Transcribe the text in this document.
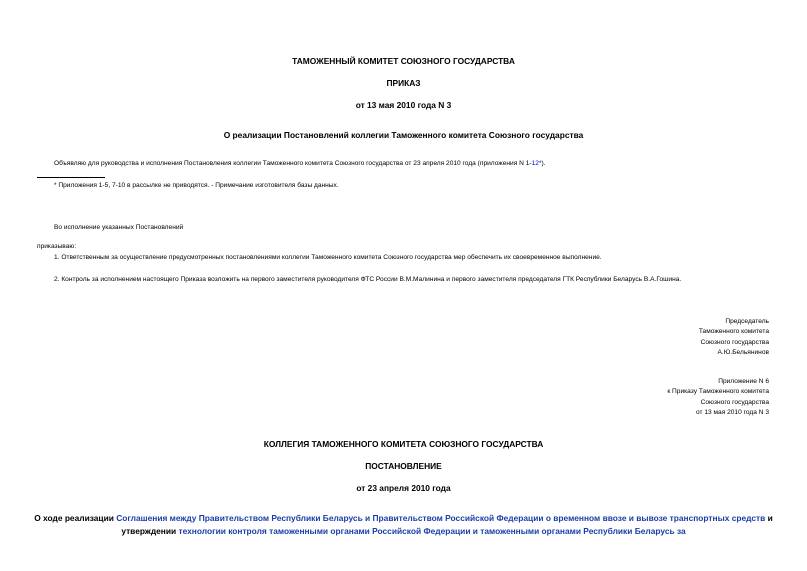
ТАМОЖЕННЫЙ КОМИТЕТ СОЮЗНОГО ГОСУДАРСТВА
ПРИКАЗ
от 13 мая 2010 года N 3
О реализации Постановлений коллегии Таможенного комитета Союзного государства
Объявляю для руководства и исполнения Постановления коллегии Таможенного комитета Союзного государства от 23 апреля 2010 года (приложения N 1-12*).
* Приложения 1-5, 7-10 в рассылке не приводятся. - Примечание изготовителя базы данных.
Во исполнение указанных Постановлений
приказываю:
1. Ответственным за осуществление предусмотренных постановлениями коллегии Таможенного комитета Союзного государства мер обеспечить их своевременное выполнение.
2. Контроль за исполнением настоящего Приказа возложить на первого заместителя руководителя ФТС России В.М.Малинина и первого заместителя председателя ГТК Республики Беларусь В.А.Гошина.
Председатель
Таможенного комитета
Союзного государства
А.Ю.Бельянинов
Приложение N 6
к Приказу Таможенного комитета
Союзного государства
от 13 мая 2010 года N 3
КОЛЛЕГИЯ ТАМОЖЕННОГО КОМИТЕТА СОЮЗНОГО ГОСУДАРСТВА
ПОСТАНОВЛЕНИЕ
от 23 апреля 2010 года
О ходе реализации Соглашения между Правительством Республики Беларусь и Правительством Российской Федерации о временном ввозе и вывозе транспортных средств и утверждении технологии контроля таможенными органами Российской Федерации и таможенными органами Республики Беларусь за
